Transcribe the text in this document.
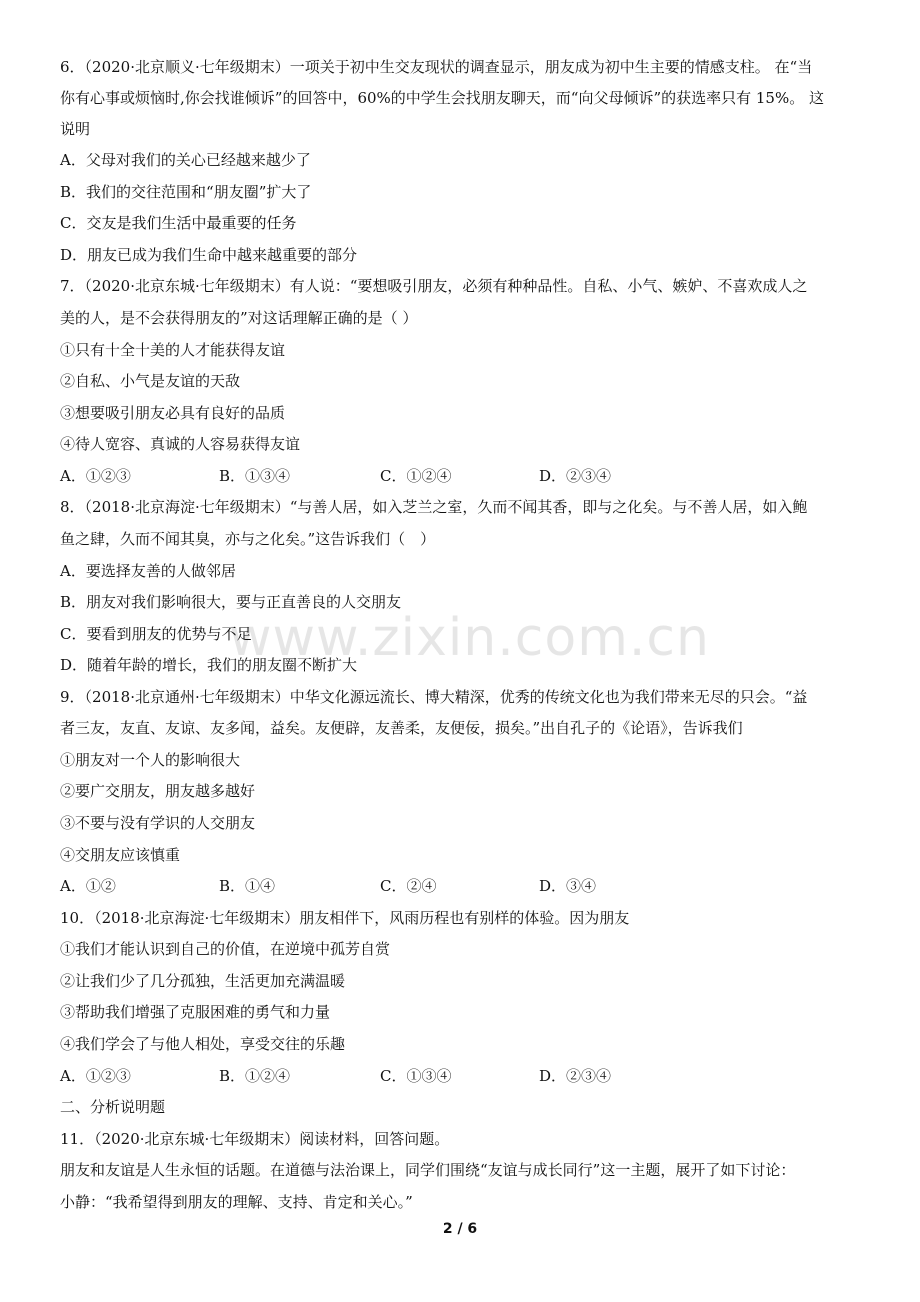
www.zixin.com.cn
6．（2020·北京顺义·七年级期末）一项关于初中生交友现状的调查显示，朋友成为初中生主要的情感支柱。 在“当
你有心事或烦恼时,你会找谁倾诉”的回答中，60%的中学生会找朋友聊天，而“向父母倾诉”的获选率只有 15%。 这
说明
A．父母对我们的关心已经越来越少了
B．我们的交往范围和“朋友圈”扩大了
C．交友是我们生活中最重要的任务
D．朋友已成为我们生命中越来越重要的部分
7．（2020·北京东城·七年级期末）有人说：“要想吸引朋友，必须有种种品性。自私、小气、嫉妒、不喜欢成人之
美的人，是不会获得朋友的”对这话理解正确的是（ ）
①只有十全十美的人才能获得友谊
②自私、小气是友谊的天敌
③想要吸引朋友必具有良好的品质
④待人宽容、真诚的人容易获得友谊
A．①②③	B．①③④	C．①②④	D．②③④
8．（2018·北京海淀·七年级期末）“与善人居，如入芝兰之室，久而不闻其香，即与之化矣。与不善人居，如入鲍
鱼之肆，久而不闻其臭，亦与之化矣。”这告诉我们（　）
A．要选择友善的人做邻居
B．朋友对我们影响很大，要与正直善良的人交朋友
C．要看到朋友的优势与不足
D．随着年龄的增长，我们的朋友圈不断扩大
9．（2018·北京通州·七年级期末）中华文化源远流长、博大精深，优秀的传统文化也为我们带来无尽的只会。“益
者三友，友直、友谅、友多闻，益矣。友便辟，友善柔，友便佞，损矣。”出自孔子的《论语》，告诉我们
①朋友对一个人的影响很大
②要广交朋友，朋友越多越好
③不要与没有学识的人交朋友
④交朋友应该慎重
A．①②	B．①④	C．②④	D．③④
10．（2018·北京海淀·七年级期末）朋友相伴下，风雨历程也有别样的体验。因为朋友
①我们才能认识到自己的价值，在逆境中孤芳自赏
②让我们少了几分孤独，生活更加充满温暖
③帮助我们增强了克服困难的勇气和力量
④我们学会了与他人相处，享受交往的乐趣
A．①②③	B．①②④	C．①③④	D．②③④
二、分析说明题
11．（2020·北京东城·七年级期末）阅读材料，回答问题。
朋友和友谊是人生永恒的话题。在道德与法治课上，同学们围绕“友谊与成长同行”这一主题，展开了如下讨论：
小静：“我希望得到朋友的理解、支持、肯定和关心。”
2 / 6
